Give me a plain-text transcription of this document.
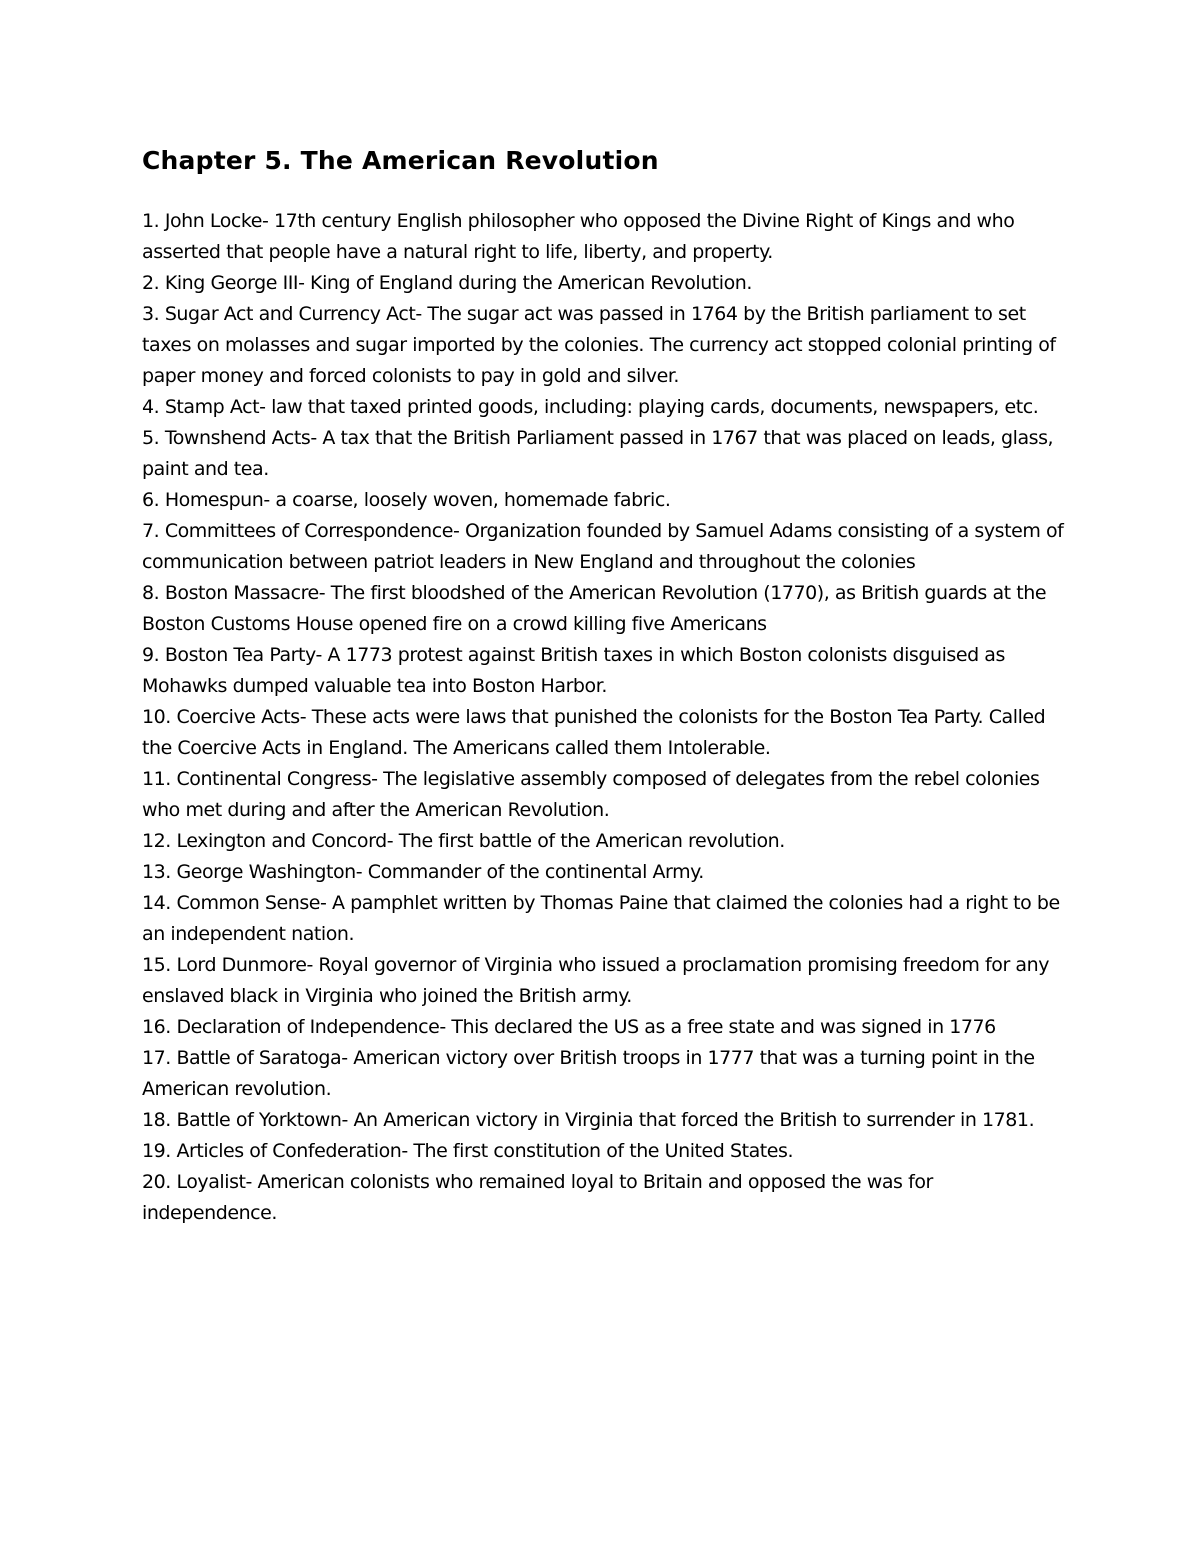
Chapter 5. The American Revolution
1. John Locke- 17th century English philosopher who opposed the Divine Right of Kings and who asserted that people have a natural right to life, liberty, and property.
2. King George III- King of England during the American Revolution.
3. Sugar Act and Currency Act- The sugar act was passed in 1764 by the British parliament to set taxes on molasses and sugar imported by the colonies. The currency act stopped colonial printing of paper money and forced colonists to pay in gold and silver.
4. Stamp Act- law that taxed printed goods, including: playing cards, documents, newspapers, etc.
5. Townshend Acts- A tax that the British Parliament passed in 1767 that was placed on leads, glass, paint and tea.
6. Homespun- a coarse, loosely woven, homemade fabric.
7. Committees of Correspondence- Organization founded by Samuel Adams consisting of a system of communication between patriot leaders in New England and throughout the colonies
8. Boston Massacre- The first bloodshed of the American Revolution (1770), as British guards at the Boston Customs House opened fire on a crowd killing five Americans
9. Boston Tea Party- A 1773 protest against British taxes in which Boston colonists disguised as Mohawks dumped valuable tea into Boston Harbor.
10. Coercive Acts- These acts were laws that punished the colonists for the Boston Tea Party. Called the Coercive Acts in England. The Americans called them Intolerable.
11. Continental Congress- The legislative assembly composed of delegates from the rebel colonies who met during and after the American Revolution.
12. Lexington and Concord- The first battle of the American revolution.
13. George Washington- Commander of the continental Army.
14. Common Sense- A pamphlet written by Thomas Paine that claimed the colonies had a right to be an independent nation.
15. Lord Dunmore- Royal governor of Virginia who issued a proclamation promising freedom for any enslaved black in Virginia who joined the British army.
16. Declaration of Independence- This declared the US as a free state and was signed in 1776
17. Battle of Saratoga- American victory over British troops in 1777 that was a turning point in the American revolution.
18. Battle of Yorktown- An American victory in Virginia that forced the British to surrender in 1781.
19. Articles of Confederation- The first constitution of the United States.
20. Loyalist- American colonists who remained loyal to Britain and opposed the was for independence.
